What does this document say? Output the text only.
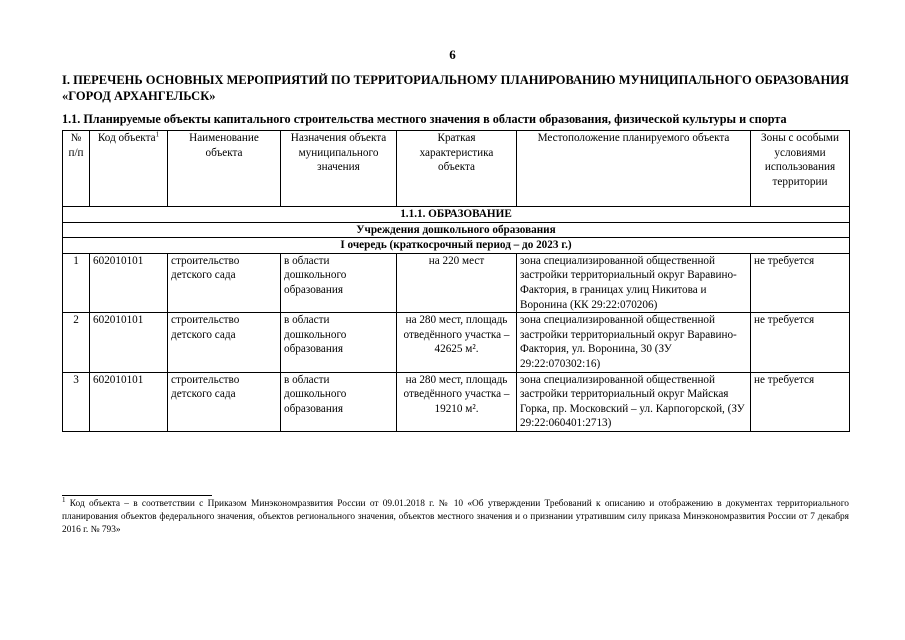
6

I. ПЕРЕЧЕНЬ ОСНОВНЫХ МЕРОПРИЯТИЙ ПО ТЕРРИТОРИАЛЬНОМУ ПЛАНИРОВАНИЮ МУНИЦИПАЛЬНОГО ОБРАЗОВАНИЯ «ГОРОД АРХАНГЕЛЬСК»

1.1. Планируемые объекты капитального строительства местного значения в области образования, физической культуры и спорта

№ п/п	Код объекта$^1$	Наименование объекта	Назначения объекта муниципального значения	Краткая характеристика объекта	Местоположение планируемого объекта	Зоны с особыми условиями использования территории
1.1.1. ОБРАЗОВАНИЕ						
Учреждения дошкольного образования						
I очередь (краткосрочный период – до 2023 г.)						
1	602010101	строительство детского сада	в области дошкольного образования	на 220 мест	зона специализированной общественной застройки территориальный округ Варавино-Фактория, в границах улиц Никитова и Воронина (КК 29:22:070206)	не требуется
2	602010101	строительство детского сада	в области дошкольного образования	на 280 мест, площадь отведённого участка –42625 м².	зона специализированной общественной застройки территориальный округ Варавино-Фактория, ул. Воронина, 30 (ЗУ 29:22:070302:16)	не требуется
3	602010101	строительство детского сада	в области дошкольного образования	на 280 мест, площадь отведённого участка –19210 м².	зона специализированной общественной застройки территориальный округ Майская Горка, пр. Московский – ул. Карпогорской, (ЗУ 29:22:060401:2713)	не требуется

$^1$ Код объекта – в соответствии с Приказом Минэкономразвития России от 09.01.2018 г. № 10 «Об утверждении Требований к описанию и отображению в документах территориального планирования объектов федерального значения, объектов регионального значения, объектов местного значения и о признании утратившим силу приказа Минэкономразвития России от 7 декабря 2016 г. № 793»
